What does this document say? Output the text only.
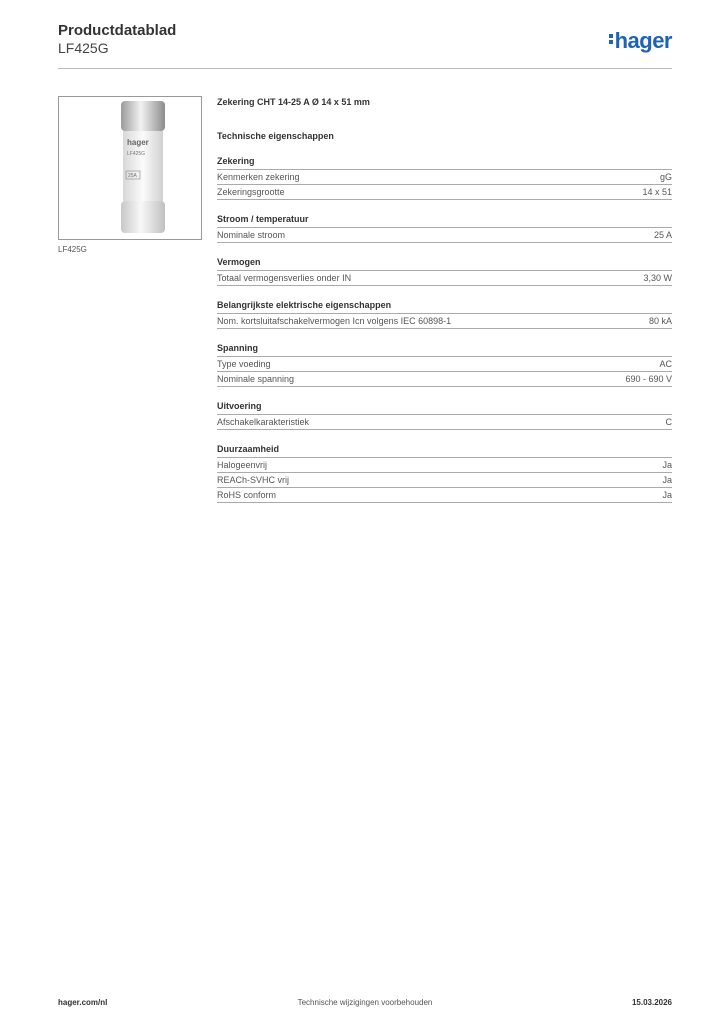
Productdatablad
LF425G	hager
hager
LF425G
25A
LF425G
Zekering CHT 14-25 A Ø 14 x 51 mm
Technische eigenschappen
Zekering
Kenmerken zekering	gG
Zekeringsgrootte	14 x 51
Stroom / temperatuur
Nominale stroom	25 A
Vermogen
Totaal vermogensverlies onder IN	3,30 W
Belangrijkste elektrische eigenschappen
Nom. kortsluitafschakelvermogen Icn volgens IEC 60898-1	80 kA
Spanning
Type voeding	AC
Nominale spanning	690 - 690 V
Uitvoering
Afschakelkarakteristiek	C
Duurzaamheid
Halogeenvrij	Ja
REACh-SVHC vrij	Ja
RoHS conform	Ja
hager.com/nl	Technische wijzigingen voorbehouden	15.03.2026
